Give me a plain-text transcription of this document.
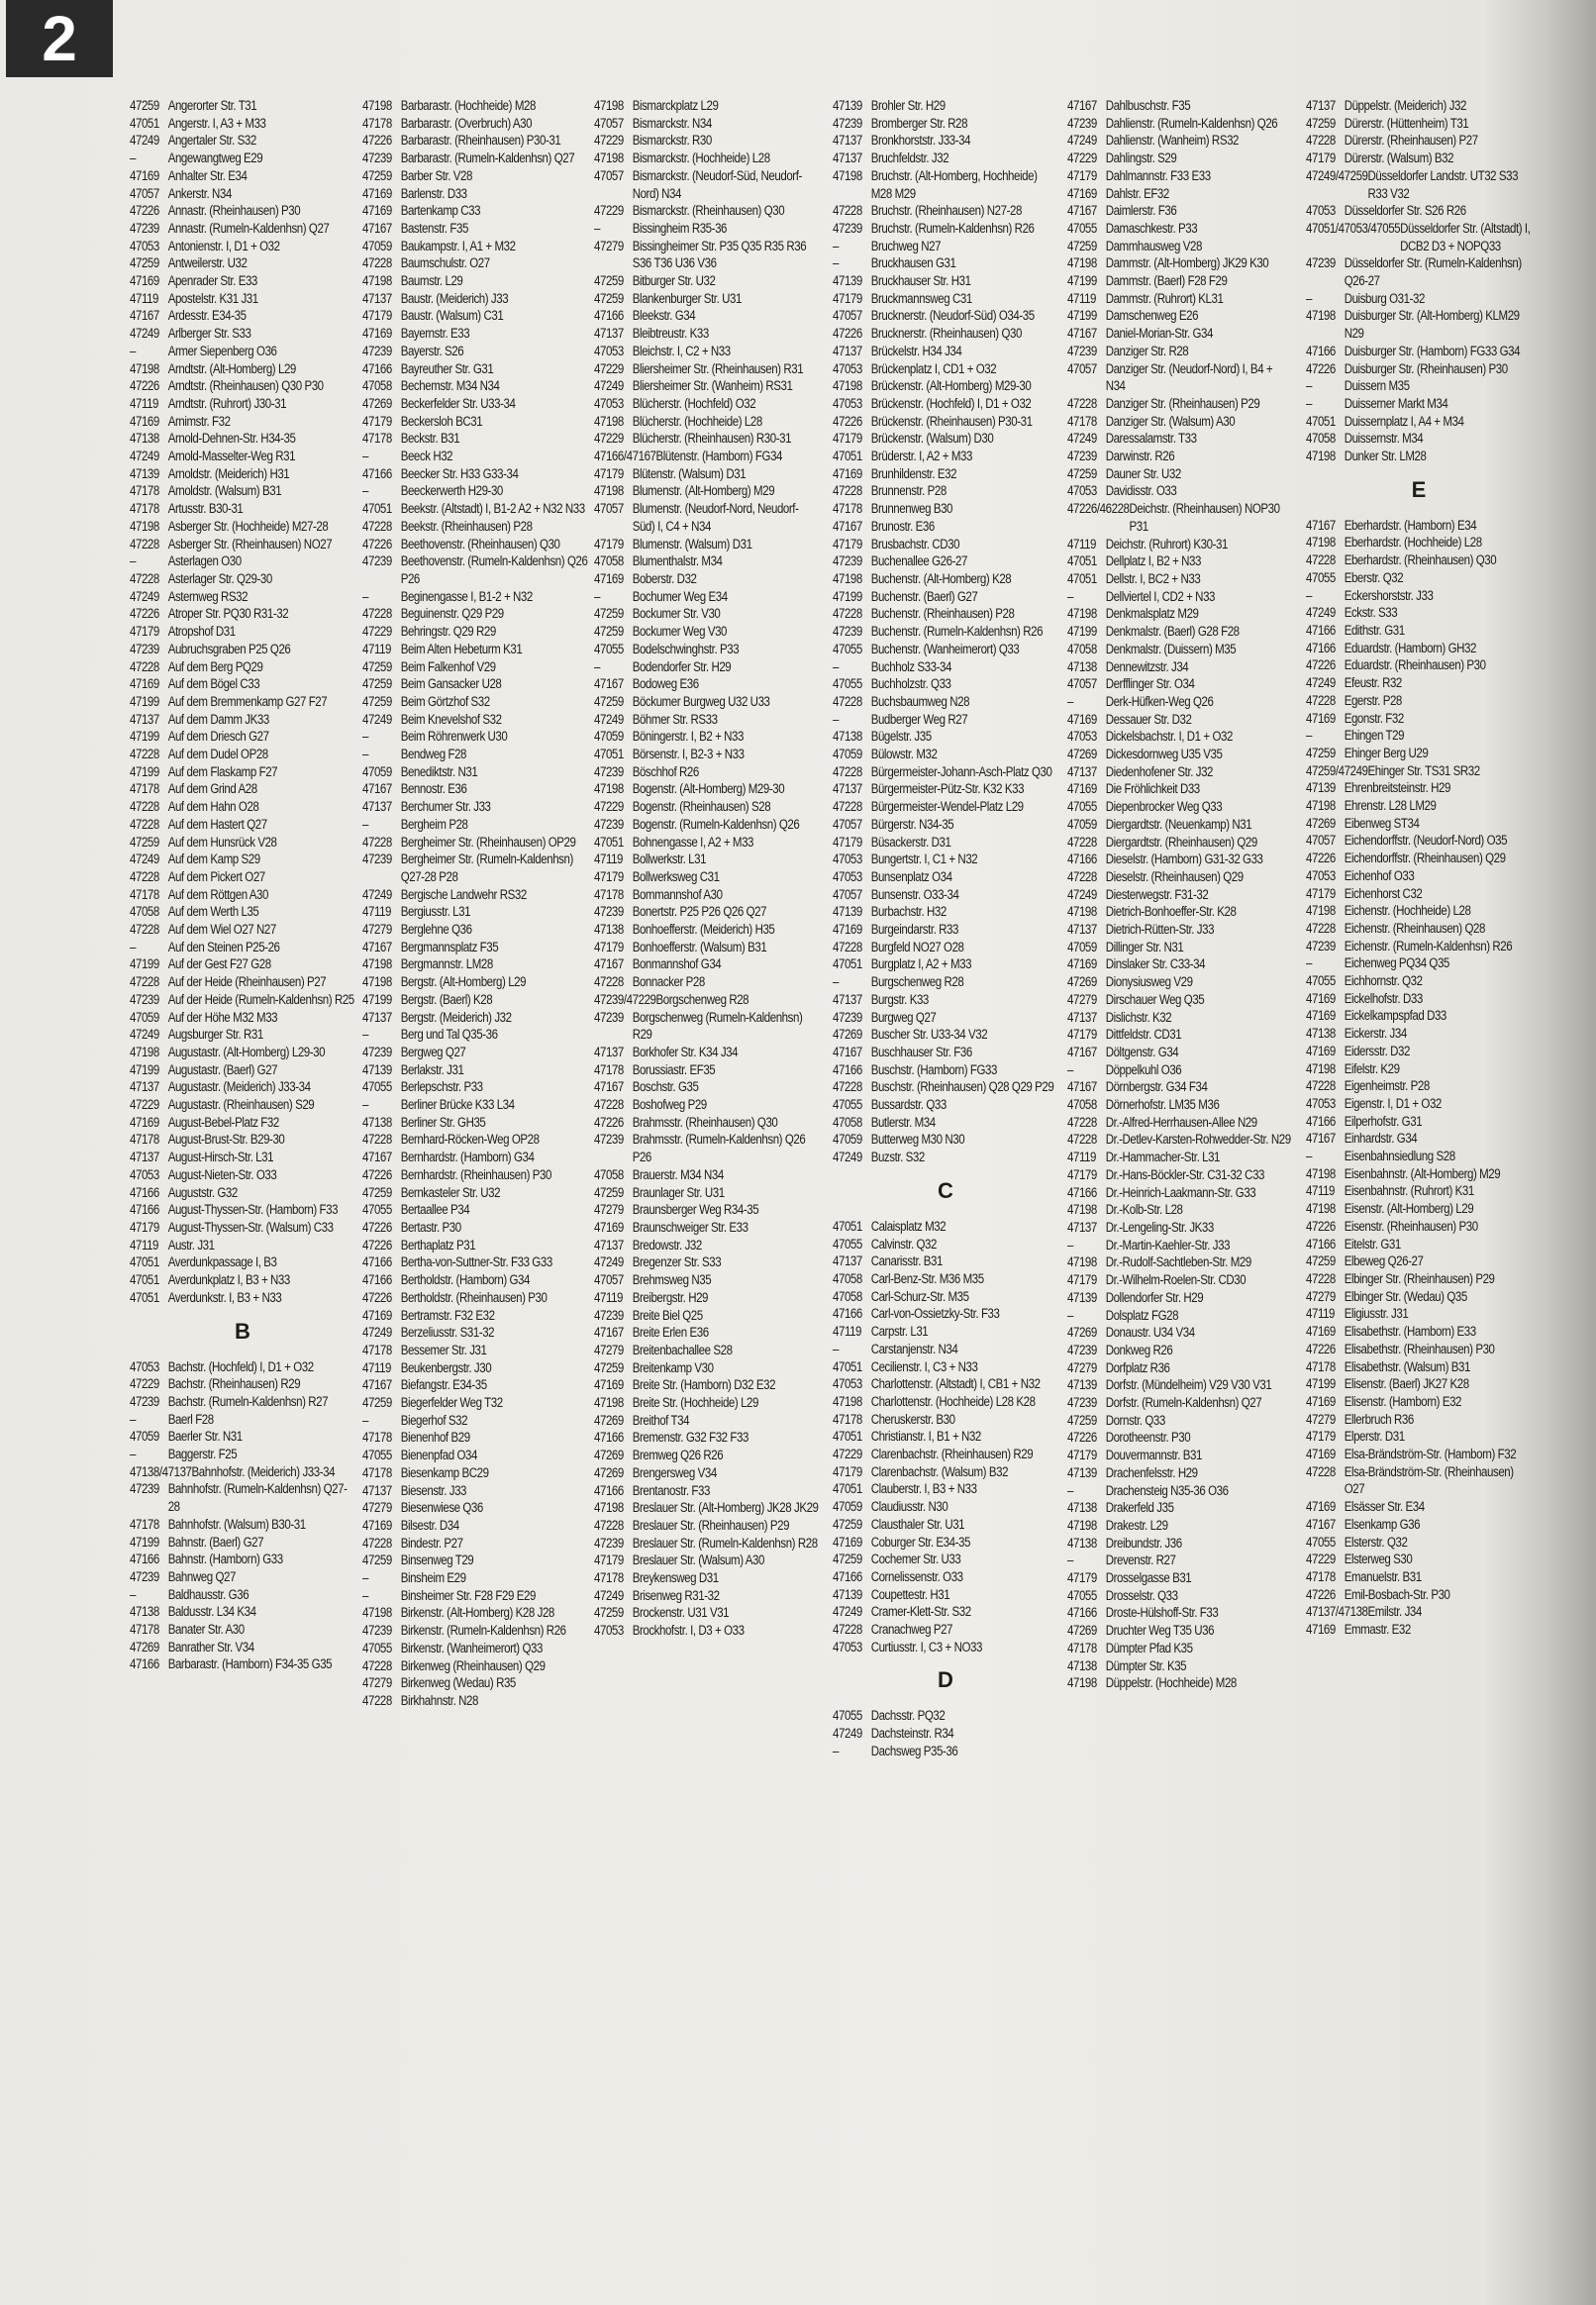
2
47259 Angerorter Str. T31
47051 Angerstr. I, A3 + M33
47249 Angertaler Str. S32
–	Angewangtweg E29
47169 Anhalter Str. E34
47057 Ankerstr. N34
47226 Annastr. (Rheinhausen) P30
47239 Annastr. (Rumeln-Kaldenhsn) Q27
47053 Antonienstr. I, D1 + O32
47259 Antweilerstr. U32
47169 Apenrader Str. E33
47119 Apostelstr. K31 J31
47167 Ardesstr. E34-35
47249 Arlberger Str. S33
–	Armer Siepenberg O36
47198 Arndtstr. (Alt-Homberg) L29
47226 Arndtstr. (Rheinhausen) Q30 P30
47119 Arndtstr. (Ruhrort) J30-31
47169 Arnimstr. F32
47138 Arnold-Dehnen-Str. H34-35
47249 Arnold-Masselter-Weg R31
47139 Arnoldstr. (Meiderich) H31
47178 Arnoldstr. (Walsum) B31
47178 Artusstr. B30-31
47198 Asberger Str. (Hochheide) M27-28
47228 Asberger Str. (Rheinhausen) NO27
–	Asterlagen O30
47228 Asterlager Str. Q29-30
47249 Asternweg RS32
47226 Atroper Str. PQ30 R31-32
47179 Atropshof D31
47239 Aubruchsgraben P25 Q26
47228 Auf dem Berg PQ29
47169 Auf dem Bögel C33
47199 Auf dem Bremmenkamp G27 F27
47137 Auf dem Damm JK33
47199 Auf dem Driesch G27
47228 Auf dem Dudel OP28
47199 Auf dem Flaskamp F27
47178 Auf dem Grind A28
47228 Auf dem Hahn O28
47228 Auf dem Hastert Q27
47259 Auf dem Hunsrück V28
47249 Auf dem Kamp S29
47228 Auf dem Pickert O27
47178 Auf dem Röttgen A30
47058 Auf dem Werth L35
47228 Auf dem Wiel O27 N27
–	Auf den Steinen P25-26
47199 Auf der Gest F27 G28
47228 Auf der Heide (Rheinhausen) P27
47239 Auf der Heide (Rumeln-Kaldenhsn) R25
47059 Auf der Höhe M32 M33
47249 Augsburger Str. R31
47198 Augustastr. (Alt-Homberg) L29-30
47199 Augustastr. (Baerl) G27
47137 Augustastr. (Meiderich) J33-34
47229 Augustastr. (Rheinhausen) S29
47169 August-Bebel-Platz F32
47178 August-Brust-Str. B29-30
47137 August-Hirsch-Str. L31
47053 August-Nieten-Str. O33
47166 Auguststr. G32
47166 August-Thyssen-Str. (Hamborn) F33
47179 August-Thyssen-Str. (Walsum) C33
47119 Austr. J31
47051 Averdunkpassage I, B3
47051 Averdunkplatz I, B3 + N33
47051 Averdunkstr. I, B3 + N33
B
47053 Bachstr. (Hochfeld) I, D1 + O32
47229 Bachstr. (Rheinhausen) R29
47239 Bachstr. (Rumeln-Kaldenhsn) R27
–	Baerl F28
47059 Baerler Str. N31
–	Baggerstr. F25
47138/47137 Bahnhofstr. (Meiderich) J33-34
47239 Bahnhofstr. (Rumeln-Kaldenhsn) Q27-28
47178 Bahnhofstr. (Walsum) B30-31
47199 Bahnstr. (Baerl) G27
47166 Bahnstr. (Hamborn) G33
47239 Bahnweg Q27
–	Baldhausstr. G36
47138 Baldusstr. L34 K34
47178 Banater Str. A30
47269 Banrather Str. V34
47166 Barbarastr. (Hamborn) F34-35 G35
47198 Barbarastr. (Hochheide) M28
47178 Barbarastr. (Overbruch) A30
47226 Barbarastr. (Rheinhausen) P30-31
47239 Barbarastr. (Rumeln-Kaldenhsn) Q27
47259 Barber Str. V28
47169 Barlenstr. D33
47169 Bartenkamp C33
47167 Bastenstr. F35
47059 Baukampstr. I, A1 + M32
47228 Baumschulstr. O27
47198 Baumstr. L29
47137 Baustr. (Meiderich) J33
47179 Baustr. (Walsum) C31
47169 Bayernstr. E33
47239 Bayerstr. S26
47166 Bayreuther Str. G31
47058 Bechemstr. M34 N34
47269 Beckerfelder Str. U33-34
47179 Beckersloh BC31
47178 Beckstr. B31
–	Beeck H32
47166 Beecker Str. H33 G33-34
–	Beeckerwerth H29-30
47051 Beekstr. (Altstadt) I, B1-2 A2 + N32 N33
47228 Beekstr. (Rheinhausen) P28
47226 Beethovenstr. (Rheinhausen) Q30
47239 Beethovenstr. (Rumeln-Kaldenhsn) Q26 P26
–	Beginengasse I, B1-2 + N32
47228 Beguinenstr. Q29 P29
47229 Behringstr. Q29 R29
47119 Beim Alten Hebeturm K31
47259 Beim Falkenhof V29
47259 Beim Gansacker U28
47259 Beim Görtzhof S32
47249 Beim Knevelshof S32
–	Beim Röhrenwerk U30
–	Bendweg F28
47059 Benediktstr. N31
47167 Bennostr. E36
47137 Berchumer Str. J33
–	Bergheim P28
47228 Bergheimer Str. (Rheinhausen) OP29
47239 Bergheimer Str. (Rumeln-Kaldenhsn) Q27-28 P28
47249 Bergische Landwehr RS32
47119 Bergiusstr. L31
47279 Berglehne Q36
47167 Bergmannsplatz F35
47198 Bergmannstr. LM28
47198 Bergstr. (Alt-Homberg) L29
47199 Bergstr. (Baerl) K28
47137 Bergstr. (Meiderich) J32
–	Berg und Tal Q35-36
47239 Bergweg Q27
47139 Berlakstr. J31
47055 Berlepschstr. P33
–	Berliner Brücke K33 L34
47138 Berliner Str. GH35
47228 Bernhard-Röcken-Weg OP28
47167 Bernhardstr. (Hamborn) G34
47226 Bernhardstr. (Rheinhausen) P30
47259 Bernkasteler Str. U32
47055 Bertaallee P34
47226 Bertastr. P30
47226 Berthaplatz P31
47166 Bertha-von-Suttner-Str. F33 G33
47166 Bertholdstr. (Hamborn) G34
47226 Bertholdstr. (Rheinhausen) P30
47169 Bertramstr. F32 E32
47249 Berzeliusstr. S31-32
47178 Bessemer Str. J31
47119 Beukenbergstr. J30
47167 Biefangstr. E34-35
47259 Biegerfelder Weg T32
–	Biegerhof S32
47178 Bienenhof B29
47055 Bienenpfad O34
47178 Biesenkamp BC29
47137 Biesenstr. J33
47279 Biesenwiese Q36
47169 Bilsestr. D34
47228 Bindestr. P27
47259 Binsenweg T29
–	Binsheim E29
–	Binsheimer Str. F28 F29 E29
47198 Birkenstr. (Alt-Homberg) K28 J28
47239 Birkenstr. (Rumeln-Kaldenhsn) R26
47055 Birkenstr. (Wanheimerort) Q33
47228 Birkenweg (Rheinhausen) Q29
47279 Birkenweg (Wedau) R35
47228 Birkhahnstr. N28
47198 Bismarckplatz L29
47057 Bismarckstr. N34
47229 Bismarckstr. R30
47198 Bismarckstr. (Hochheide) L28
47057 Bismarckstr. (Neudorf-Süd, Neudorf-Nord) N34
47229 Bismarckstr. (Rheinhausen) Q30
–	Bissingheim R35-36
47279 Bissingheimer Str. P35 Q35 R35 R36 S36 T36 U36 V36
47259 Bitburger Str. U32
47259 Blankenburger Str. U31
47166 Bleekstr. G34
47137 Bleibtreustr. K33
47053 Bleichstr. I, C2 + N33
47229 Bliersheimer Str. (Rheinhausen) R31
47249 Bliersheimer Str. (Wanheim) RS31
47053 Blücherstr. (Hochfeld) O32
47198 Blücherstr. (Hochheide) L28
47229 Blücherstr. (Rheinhausen) R30-31
47166/47167 Blütenstr. (Hamborn) FG34
47179 Blütenstr. (Walsum) D31
47198 Blumenstr. (Alt-Homberg) M29
47057 Blumenstr. (Neudorf-Nord, Neudorf-Süd) I, C4 + N34
47179 Blumenstr. (Walsum) D31
47058 Blumenthalstr. M34
47169 Boberstr. D32
–	Bochumer Weg E34
47259 Bockumer Str. V30
47259 Bockumer Weg V30
47055 Bodelschwinghstr. P33
–	Bodendorfer Str. H29
47167 Bodoweg E36
47259 Böckumer Burgweg U32 U33
47249 Böhmer Str. RS33
47059 Böningerstr. I, B2 + N33
47051 Börsenstr. I, B2-3 + N33
47239 Böschhof R26
47198 Bogenstr. (Alt-Homberg) M29-30
47229 Bogenstr. (Rheinhausen) S28
47239 Bogenstr. (Rumeln-Kaldenhsn) Q26
47051 Bohnengasse I, A2 + M33
47119 Bollwerkstr. L31
47179 Bollwerksweg C31
47178 Bommannshof A30
47239 Bonertstr. P25 P26 Q26 Q27
47138 Bonhoefferstr. (Meiderich) H35
47179 Bonhoefferstr. (Walsum) B31
47167 Bonmannshof G34
47228 Bonnacker P28
47239/47229 Borgschenweg R28
47239 Borgschenweg (Rumeln-Kaldenhsn) R29
47137 Borkhofer Str. K34 J34
47178 Borussiastr. EF35
47167 Boschstr. G35
47228 Boshofweg P29
47226 Brahmsstr. (Rheinhausen) Q30
47239 Brahmsstr. (Rumeln-Kaldenhsn) Q26 P26
47058 Brauerstr. M34 N34
47259 Braunlager Str. U31
47279 Braunsberger Weg R34-35
47169 Braunschweiger Str. E33
47137 Bredowstr. J32
47249 Bregenzer Str. S33
47057 Brehmsweg N35
47119 Breibergstr. H29
47239 Breite Biel Q25
47167 Breite Erlen E36
47279 Breitenbachallee S28
47259 Breitenkamp V30
47169 Breite Str. (Hamborn) D32 E32
47198 Breite Str. (Hochheide) L29
47269 Breithof T34
47166 Bremenstr. G32 F32 F33
47269 Bremweg Q26 R26
47269 Brengersweg V34
47166 Brentanostr. F33
47198 Breslauer Str. (Alt-Homberg) JK28 JK29
47228 Breslauer Str. (Rheinhausen) P29
47239 Breslauer Str. (Rumeln-Kaldenhsn) R28
47179 Breslauer Str. (Walsum) A30
47178 Breykensweg D31
47249 Brisenweg R31-32
47259 Brockenstr. U31 V31
47053 Brockhofstr. I, D3 + O33
47139 Brohler Str. H29
47239 Bromberger Str. R28
47137 Bronkhorststr. J33-34
47137 Bruchfeldstr. J32
47198 Bruchstr. (Alt-Homberg, Hochheide) M28 M29
47228 Bruchstr. (Rheinhausen) N27-28
47239 Bruchstr. (Rumeln-Kaldenhsn) R26
–	Bruchweg N27
–	Bruckhausen G31
47139 Bruckhauser Str. H31
47179 Bruckmannsweg C31
47057 Brucknerstr. (Neudorf-Süd) O34-35
47226 Brucknerstr. (Rheinhausen) Q30
47137 Brückelstr. H34 J34
47053 Brückenplatz I, CD1 + O32
47198 Brückenstr. (Alt-Homberg) M29-30
47053 Brückenstr. (Hochfeld) I, D1 + O32
47226 Brückenstr. (Rheinhausen) P30-31
47179 Brückenstr. (Walsum) D30
47051 Brüderstr. I, A2 + M33
47169 Brunhildenstr. E32
47228 Brunnenstr. P28
47178 Brunnenweg B30
47167 Brunostr. E36
47179 Brusbachstr. CD30
47239 Buchenallee G26-27
47198 Buchenstr. (Alt-Homberg) K28
47199 Buchenstr. (Baerl) G27
47228 Buchenstr. (Rheinhausen) P28
47239 Buchenstr. (Rumeln-Kaldenhsn) R26
47055 Buchenstr. (Wanheimerort) Q33
–	Buchholz S33-34
47055 Buchholzstr. Q33
47228 Buchsbaumweg N28
–	Budberger Weg R27
47138 Bügelstr. J35
47059 Bülowstr. M32
47228 Bürgermeister-Johann-Asch-Platz Q30
47137 Bürgermeister-Pütz-Str. K32 K33
47228 Bürgermeister-Wendel-Platz L29
47057 Bürgerstr. N34-35
47179 Büsackerstr. D31
47053 Bungertstr. I, C1 + N32
47053 Bunsenplatz O34
47057 Bunsenstr. O33-34
47139 Burbachstr. H32
47169 Burgeindarstr. R33
47228 Burgfeld NO27 O28
47051 Burgplatz I, A2 + M33
–	Burgschenweg R28
47137 Burgstr. K33
47239 Burgweg Q27
47269 Buscher Str. U33-34 V32
47167 Buschhauser Str. F36
47166 Buschstr. (Hamborn) FG33
47228 Buschstr. (Rheinhausen) Q28 Q29 P29
47055 Bussardstr. Q33
47058 Butlerstr. M34
47059 Butterweg M30 N30
47249 Buzstr. S32
C
47051 Calaisplatz M32
47055 Calvinstr. Q32
47137 Canarisstr. B31
47058 Carl-Benz-Str. M36 M35
47058 Carl-Schurz-Str. M35
47166 Carl-von-Ossietzky-Str. F33
47119 Carpstr. L31
–	Carstanjenstr. N34
47051 Cecilienstr. I, C3 + N33
47053 Charlottenstr. (Altstadt) I, CB1 + N32
47198 Charlottenstr. (Hochheide) L28 K28
47178 Cheruskerstr. B30
47051 Christianstr. I, B1 + N32
47229 Clarenbachstr. (Rheinhausen) R29
47179 Clarenbachstr. (Walsum) B32
47051 Clauberstr. I, B3 + N33
47059 Claudiusstr. N30
47259 Clausthaler Str. U31
47169 Coburger Str. E34-35
47259 Cochemer Str. U33
47166 Cornelissenstr. O33
47139 Coupettestr. H31
47249 Cramer-Klett-Str. S32
47228 Cranachweg P27
47053 Curtiusstr. I, C3 + NO33
D
47055 Dachsstr. PQ32
47249 Dachsteinstr. R34
–	Dachsweg P35-36
47167 Dahlbuschstr. F35
47239 Dahlienstr. (Rumeln-Kaldenhsn) Q26
47249 Dahlienstr. (Wanheim) RS32
47229 Dahlingstr. S29
47179 Dahlmannstr. F33 E33
47169 Dahlstr. EF32
47167 Daimlerstr. F36
47055 Damaschkestr. P33
47259 Dammhausweg V28
47198 Dammstr. (Alt-Homberg) JK29 K30
47199 Dammstr. (Baerl) F28 F29
47119 Dammstr. (Ruhrort) KL31
47199 Damschenweg E26
47167 Daniel-Morian-Str. G34
47239 Danziger Str. R28
47057 Danziger Str. (Neudorf-Nord) I, B4 + N34
47228 Danziger Str. (Rheinhausen) P29
47178 Danziger Str. (Walsum) A30
47249 Daressalamstr. T33
47239 Darwinstr. R26
47259 Dauner Str. U32
47053 Davidisstr. O33
47226/46228 Deichstr. (Rheinhausen) NOP30 P31
47119 Deichstr. (Ruhrort) K30-31
47051 Dellplatz I, B2 + N33
47051 Dellstr. I, BC2 + N33
–	Dellviertel I, CD2 + N33
47198 Denkmalsplatz M29
47199 Denkmalstr. (Baerl) G28 F28
47058 Denkmalstr. (Duissern) M35
47138 Dennewitzstr. J34
47057 Derfflinger Str. O34
–	Derk-Hüfken-Weg Q26
47169 Dessauer Str. D32
47053 Dickelsbachstr. I, D1 + O32
47269 Dickesdornweg U35 V35
47137 Diedenhofener Str. J32
47169 Die Fröhlichkeit D33
47055 Diepenbrocker Weg Q33
47059 Diergardtstr. (Neuenkamp) N31
47228 Diergardtstr. (Rheinhausen) Q29
47166 Dieselstr. (Hamborn) G31-32 G33
47228 Dieselstr. (Rheinhausen) Q29
47249 Diesterwegstr. F31-32
47198 Dietrich-Bonhoeffer-Str. K28
47137 Dietrich-Rütten-Str. J33
47059 Dillinger Str. N31
47169 Dinslaker Str. C33-34
47269 Dionysiusweg V29
47279 Dirschauer Weg Q35
47137 Dislichstr. K32
47179 Dittfeldstr. CD31
47167 Döltgenstr. G34
–	Döppelkuhl O36
47167 Dörnbergstr. G34 F34
47058 Dörnerhofstr. LM35 M36
47228 Dr.-Alfred-Herrhausen-Allee N29
47228 Dr.-Detlev-Karsten-Rohwedder-Str. N29
47119 Dr.-Hammacher-Str. L31
47179 Dr.-Hans-Böckler-Str. C31-32 C33
47166 Dr.-Heinrich-Laakmann-Str. G33
47198 Dr.-Kolb-Str. L28
47137 Dr.-Lengeling-Str. JK33
–	Dr.-Martin-Kaehler-Str. J33
47198 Dr.-Rudolf-Sachtleben-Str. M29
47179 Dr.-Wilhelm-Roelen-Str. CD30
47139 Dollendorfer Str. H29
–	Dolsplatz FG28
47269 Donaustr. U34 V34
47239 Donkweg R26
47279 Dorfplatz R36
47139 Dorfstr. (Mündelheim) V29 V30 V31
47239 Dorfstr. (Rumeln-Kaldenhsn) Q27
47259 Dornstr. Q33
47226 Dorotheenstr. P30
47179 Douvermannstr. B31
47139 Drachenfelsstr. H29
–	Drachensteig N35-36 O36
47138 Drakerfeld J35
47198 Drakestr. L29
47138 Dreibundstr. J36
–	Drevenstr. R27
47179 Drosselgasse B31
47055 Drosselstr. Q33
47166 Droste-Hülshoff-Str. F33
47269 Druchter Weg T35 U36
47178 Dümpter Pfad K35
47138 Dümpter Str. K35
47198 Düppelstr. (Hochheide) M28
47137 Düppelstr. (Meiderich) J32
47259 Dürerstr. (Hüttenheim) T31
47228 Dürerstr. (Rheinhausen) P27
47179 Dürerstr. (Walsum) B32
47249/47259 Düsseldorfer Landstr. UT32 S33 R33 V32
47053 Düsseldorfer Str. S26 R26
47051/47053/47055 Düsseldorfer Str. (Altstadt) I, DCB2 D3 + NOPQ33
47239 Düsseldorfer Str. (Rumeln-Kaldenhsn) Q26-27
–	Duisburg O31-32
47198 Duisburger Str. (Alt-Homberg) KLM29 N29
47166 Duisburger Str. (Hamborn) FG33 G34
47226 Duisburger Str. (Rheinhausen) P30
–	Duissern M35
–	Duisserner Markt M34
47051 Duissernplatz I, A4 + M34
47058 Duissernstr. M34
47198 Dunker Str. LM28
E
47167 Eberhardstr. (Hamborn) E34
47198 Eberhardstr. (Hochheide) L28
47228 Eberhardstr. (Rheinhausen) Q30
47055 Eberstr. Q32
–	Eckershorststr. J33
47249 Eckstr. S33
47166 Edithstr. G31
47166 Eduardstr. (Hamborn) GH32
47226 Eduardstr. (Rheinhausen) P30
47249 Efeustr. R32
47228 Egerstr. P28
47169 Egonstr. F32
–	Ehingen T29
47259 Ehinger Berg U29
47259/47249 Ehinger Str. TS31 SR32
47139 Ehrenbreitsteinstr. H29
47198 Ehrenstr. L28 LM29
47269 Eibenweg ST34
47057 Eichendorffstr. (Neudorf-Nord) O35
47226 Eichendorffstr. (Rheinhausen) Q29
47053 Eichenhof O33
47179 Eichenhorst C32
47198 Eichenstr. (Hochheide) L28
47228 Eichenstr. (Rheinhausen) Q28
47239 Eichenstr. (Rumeln-Kaldenhsn) R26
–	Eichenweg PQ34 Q35
47055 Eichhornstr. Q32
47169 Eickelhofstr. D33
47169 Eickelkampspfad D33
47138 Eickerstr. J34
47169 Eidersstr. D32
47198 Eifelstr. K29
47228 Eigenheimstr. P28
47053 Eigenstr. I, D1 + O32
47166 Eilperhofstr. G31
47167 Einhardstr. G34
–	Eisenbahnsiedlung S28
47198 Eisenbahnstr. (Alt-Homberg) M29
47119 Eisenbahnstr. (Ruhrort) K31
47198 Eisenstr. (Alt-Homberg) L29
47226 Eisenstr. (Rheinhausen) P30
47166 Eitelstr. G31
47259 Elbeweg Q26-27
47228 Elbinger Str. (Rheinhausen) P29
47279 Elbinger Str. (Wedau) Q35
47119 Eligiusstr. J31
47169 Elisabethstr. (Hamborn) E33
47226 Elisabethstr. (Rheinhausen) P30
47178 Elisabethstr. (Walsum) B31
47199 Elisenstr. (Baerl) JK27 K28
47169 Elisenstr. (Hamborn) E32
47279 Ellerbruch R36
47179 Elperstr. D31
47169 Elsa-Brändström-Str. (Hamborn) F32
47228 Elsa-Brändström-Str. (Rheinhausen) O27
47169 Elsässer Str. E34
47167 Elsenkamp G36
47055 Elsterstr. Q32
47229 Elsterweg S30
47178 Emanuelstr. B31
47226 Emil-Bosbach-Str. P30
47137/47138 Emilstr. J34
47169 Emmastr. E32
